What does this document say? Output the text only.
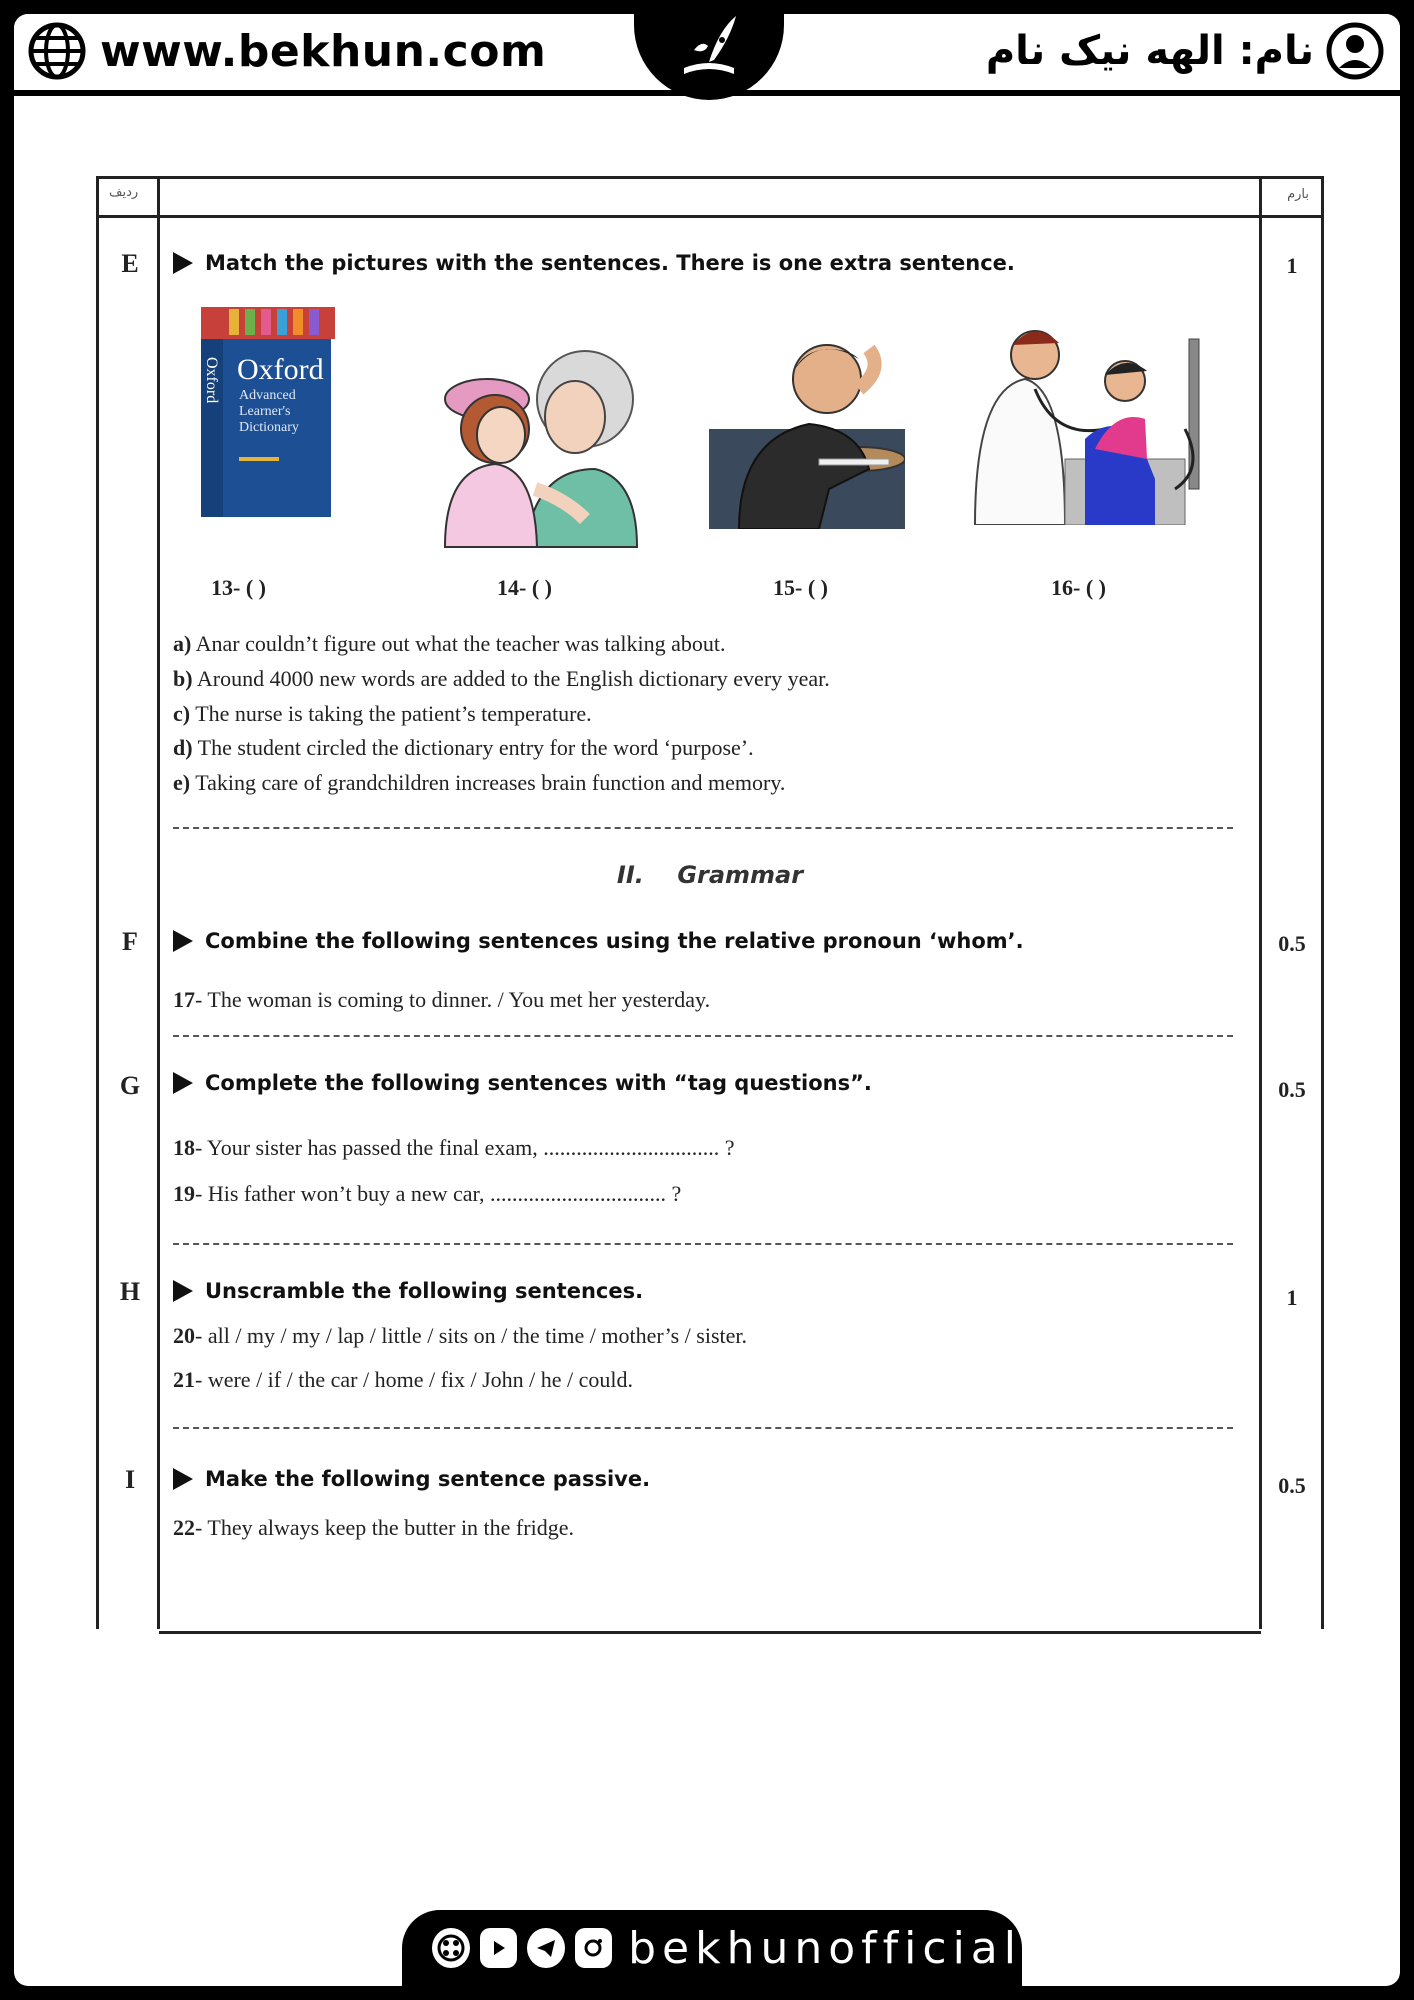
www.bekhun.com	نام: الهه نیک نام
ردیف	بارم
E	1
Match the pictures with the sentences. There is one extra sentence.
Oxford
Advanced
Learner's
Dictionary
Oxford
13- ( )	14- ( )	15- ( )	16- ( )
a) Anar couldn’t figure out what the teacher was talking about.
b) Around 4000 new words are added to the English dictionary every year.
c) The nurse is taking the patient’s temperature.
d) The student circled the dictionary entry for the word ‘purpose’.
e) Taking care of grandchildren increases brain function and memory.
II. Grammar
F	0.5
Combine the following sentences using the relative pronoun ‘whom’.
17- The woman is coming to dinner. / You met her yesterday.
G	0.5
Complete the following sentences with “tag questions”.
18- Your sister has passed the final exam, ................................ ?
19- His father won’t buy a new car, ................................ ?
H	1
Unscramble the following sentences.
20- all / my / my / lap / little / sits on / the time / mother’s / sister.
21- were / if / the car / home / fix / John / he / could.
I	0.5
Make the following sentence passive.
22- They always keep the butter in the fridge.
bekhunofficial
